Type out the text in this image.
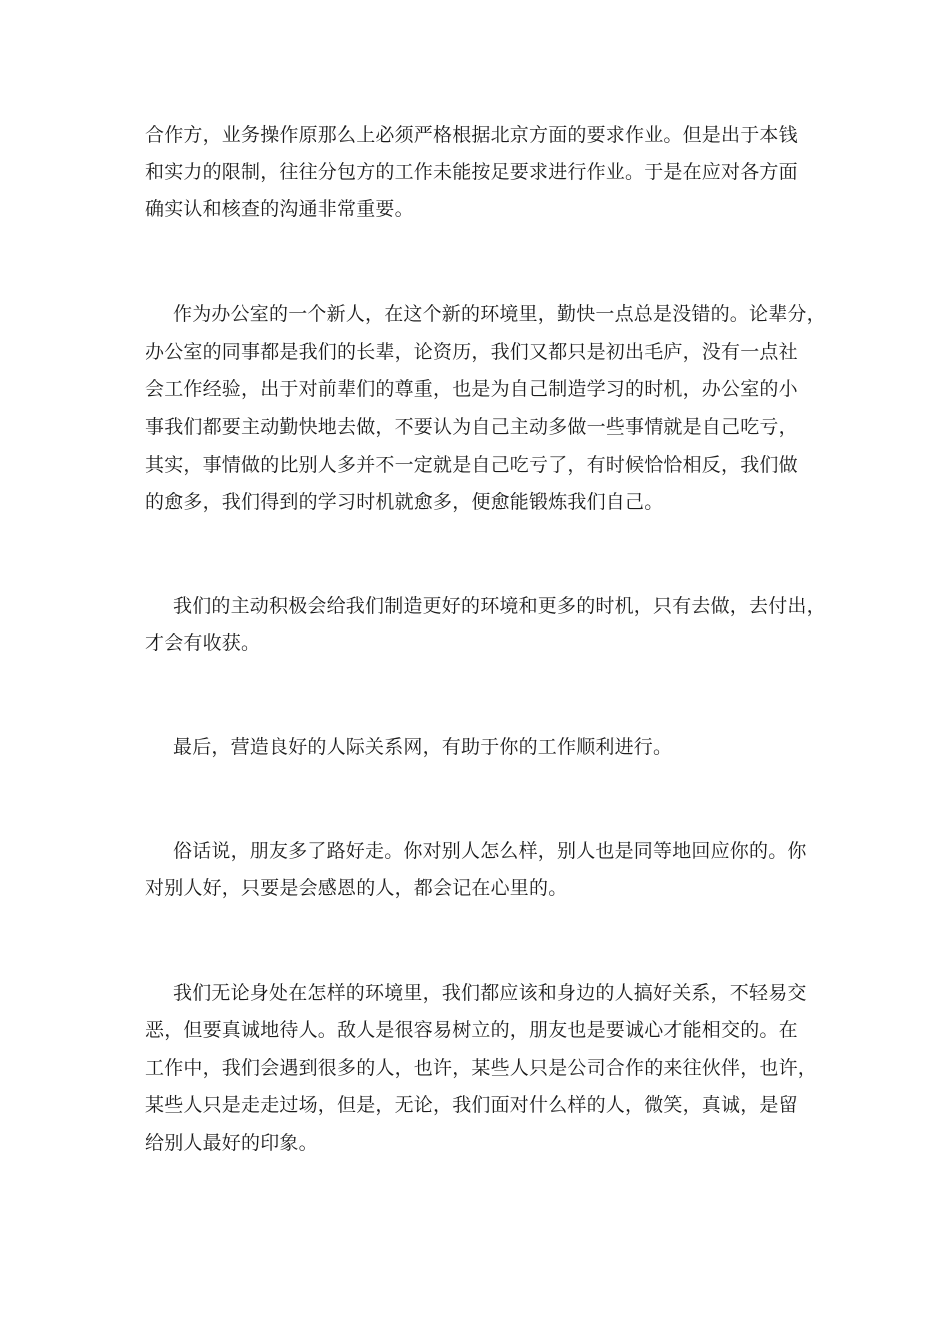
合作方，业务操作原那么上必须严格根据北京方面的要求作业。但是出于本钱
和实力的限制，往往分包方的工作未能按足要求进行作业。于是在应对各方面
确实认和核查的沟通非常重要。
作为办公室的一个新人，在这个新的环境里，勤快一点总是没错的。论辈分，
办公室的同事都是我们的长辈，论资历，我们又都只是初出毛庐，没有一点社
会工作经验，出于对前辈们的尊重，也是为自己制造学习的时机，办公室的小
事我们都要主动勤快地去做，不要认为自己主动多做一些事情就是自己吃亏，
其实，事情做的比别人多并不一定就是自己吃亏了，有时候恰恰相反，我们做
的愈多，我们得到的学习时机就愈多，便愈能锻炼我们自己。
我们的主动积极会给我们制造更好的环境和更多的时机，只有去做，去付出，
才会有收获。
最后，营造良好的人际关系网，有助于你的工作顺利进行。
俗话说，朋友多了路好走。你对别人怎么样，别人也是同等地回应你的。你
对别人好，只要是会感恩的人，都会记在心里的。
我们无论身处在怎样的环境里，我们都应该和身边的人搞好关系，不轻易交
恶，但要真诚地待人。敌人是很容易树立的，朋友也是要诚心才能相交的。在
工作中，我们会遇到很多的人，也许，某些人只是公司合作的来往伙伴，也许，
某些人只是走走过场，但是，无论，我们面对什么样的人，微笑，真诚，是留
给别人最好的印象。
